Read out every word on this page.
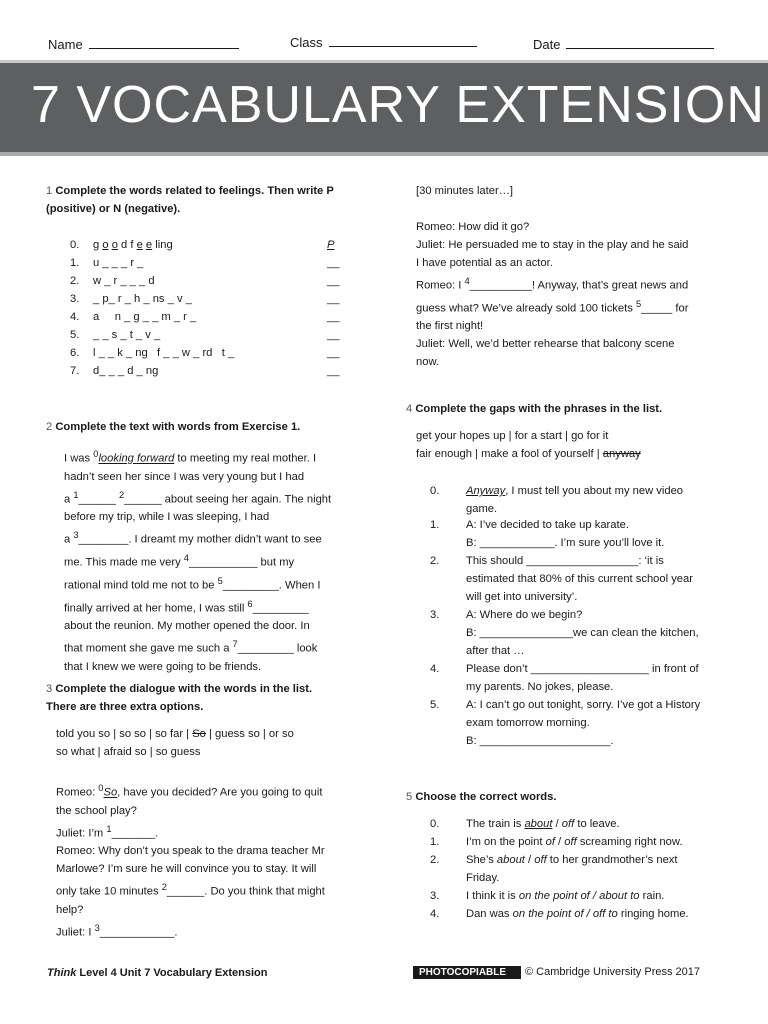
Name	Class	Date
7 VOCABULARY EXTENSION
1 Complete the words related to feelings. Then write P
(positive) or N (negative).
0. g o o d f e e ling	P
1. u _ _ _ r _	__
2. w _ r _ _ _ d	__
3. _ p_ r _ h _ ns _ v _	__
4. a     n _ g _ _ m _ r _	__
5. _ _ s _ t _ v _	__
6. l _ _ k _ ng   f _ _ w _ rd   t _	__
7. d_ _ _ d _ ng	__
2 Complete the text with words from Exercise 1.
I was $^0$looking forward to meeting my real mother. I
hadn’t seen her since I was very young but I had
a $^1$______ $^2$______ about seeing her again. The night
before my trip, while I was sleeping, I had
a $^3$________. I dreamt my mother didn’t want to see
me. This made me very $^4$___________ but my
rational mind told me not to be $^5$_________. When I
finally arrived at her home, I was still $^6$_________
about the reunion. My mother opened the door. In
that moment she gave me such a $^7$_________ look
that I knew we were going to be friends.
3 Complete the dialogue with the words in the list.
There are three extra options.
told you so | so so | so far | So | guess so | or so
so what | afraid so | so guess
Romeo: $^0$So, have you decided? Are you going to quit
the school play?
Juliet: I’m $^1$_______.
Romeo: Why don’t you speak to the drama teacher Mr
Marlowe? I’m sure he will convince you to stay. It will
only take 10 minutes $^2$______. Do you think that might
help?
Juliet: I $^3$____________.
[30 minutes later…]

Romeo: How did it go?
Juliet: He persuaded me to stay in the play and he said
I have potential as an actor.
Romeo: I $^4$__________! Anyway, that’s great news and
guess what? We’ve already sold 100 tickets $^5$_____ for
the first night!
Juliet: Well, we’d better rehearse that balcony scene
now.
4 Complete the gaps with the phrases in the list.
get your hopes up | for a start | go for it
fair enough | make a fool of yourself | anyway
0. Anyway, I must tell you about my new video
game.
1. A: I’ve decided to take up karate.
B: ____________. I’m sure you’ll love it.
2. This should __________________: ‘it is
estimated that 80% of this current school year
will get into university’.
3. A: Where do we begin?
B: _______________we can clean the kitchen,
after that …
4. Please don’t ___________________ in front of
my parents. No jokes, please.
5. A: I can’t go out tonight, sorry. I’ve got a History
exam tomorrow morning.
B: _____________________.
5 Choose the correct words.
0. The train is about / off to leave.
1. I’m on the point of / off screaming right now.
2. She’s about / off to her grandmother’s next
Friday.
3. I think it is on the point of / about to rain.
4. Dan was on the point of / off to ringing home.
Think Level 4 Unit 7 Vocabulary Extension	PHOTOCOPIABLE © Cambridge University Press 2017
